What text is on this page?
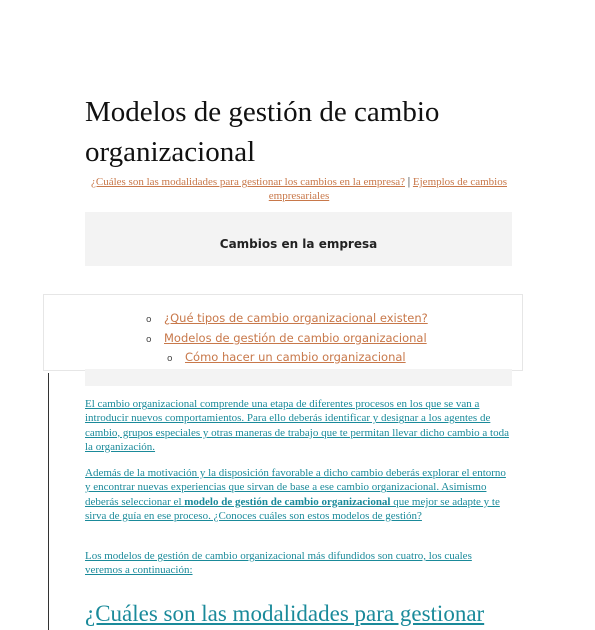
Modelos de gestión de cambio organizacional
¿Cuáles son las modalidades para gestionar los cambios en la empresa? | Ejemplos de cambios empresariales
Cambios en la empresa
o ¿Qué tipos de cambio organizacional existen?
o Modelos de gestión de cambio organizacional
o Cómo hacer un cambio organizacional

El cambio organizacional comprende una etapa de diferentes procesos en los que se van a introducir nuevos comportamientos. Para ello deberás identificar y designar a los agentes de cambio, grupos especiales y otras maneras de trabajo que te permitan llevar dicho cambio a toda la organización.

Además de la motivación y la disposición favorable a dicho cambio deberás explorar el entorno y encontrar nuevas experiencias que sirvan de base a ese cambio organizacional. Asimismo deberás seleccionar el modelo de gestión de cambio organizacional que mejor se adapte y te sirva de guía en ese proceso. ¿Conoces cuáles son estos modelos de gestión?

Los modelos de gestión de cambio organizacional más difundidos son cuatro, los cuales veremos a continuación:

¿Cuáles son las modalidades para gestionar
